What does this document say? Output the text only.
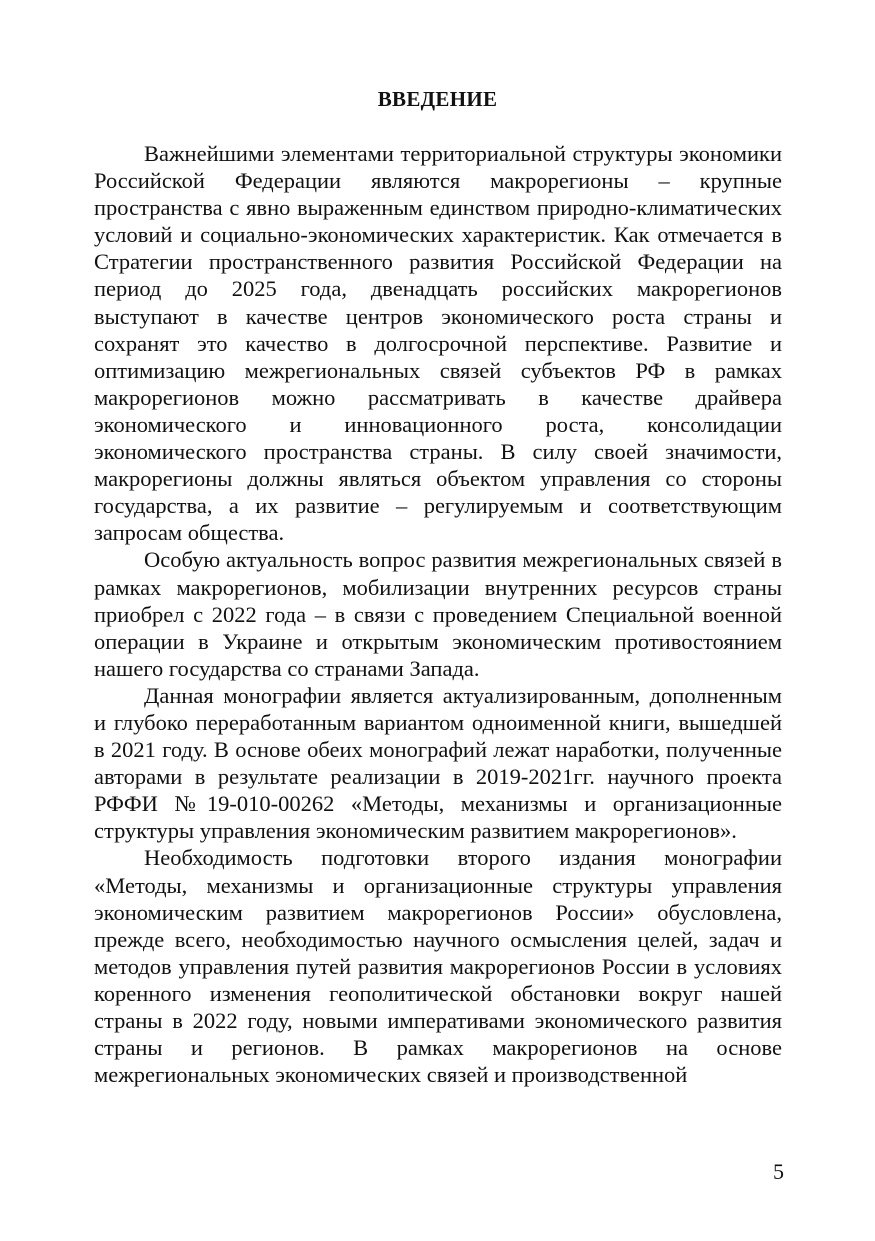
ВВЕДЕНИЕ

Важнейшими элементами территориальной структуры экономики Российской Федерации являются макрорегионы – крупные пространства с явно выраженным единством природно-климатических условий и социально-экономических характеристик. Как отмечается в Стратегии пространственного развития Российской Федерации на период до 2025 года, двенадцать российских макрорегионов выступают в качестве центров экономического роста страны и сохранят это качество в долгосрочной перспективе. Развитие и оптимизацию межрегиональных связей субъектов РФ в рамках макрорегионов можно рассматривать в качестве драйвера экономического и инновационного роста, консолидации экономического пространства страны. В силу своей значимости, макрорегионы должны являться объектом управления со стороны государства, а их развитие – регулируемым и соответствующим запросам общества.

Особую актуальность вопрос развития межрегиональных связей в рамках макрорегионов, мобилизации внутренних ресурсов страны приобрел с 2022 года – в связи с проведением Специальной военной операции в Украине и открытым экономическим противостоянием нашего государства со странами Запада.

Данная монографии является актуализированным, дополненным и глубоко переработанным вариантом одноименной книги, вышедшей в 2021 году. В основе обеих монографий лежат наработки, полученные авторами в результате реализации в 2019-2021гг. научного проекта РФФИ №19-010-00262 «Методы, механизмы и организационные структуры управления экономическим развитием макрорегионов».

Необходимость подготовки второго издания монографии «Методы, механизмы и организационные структуры управления экономическим развитием макрорегионов России» обусловлена, прежде всего, необходимостью научного осмысления целей, задач и методов управления путей развития макрорегионов России в условиях коренного изменения геополитической обстановки вокруг нашей страны в 2022 году, новыми императивами экономического развития страны и регионов. В рамках макрорегионов на основе межрегиональных экономических связей и производственной

5
